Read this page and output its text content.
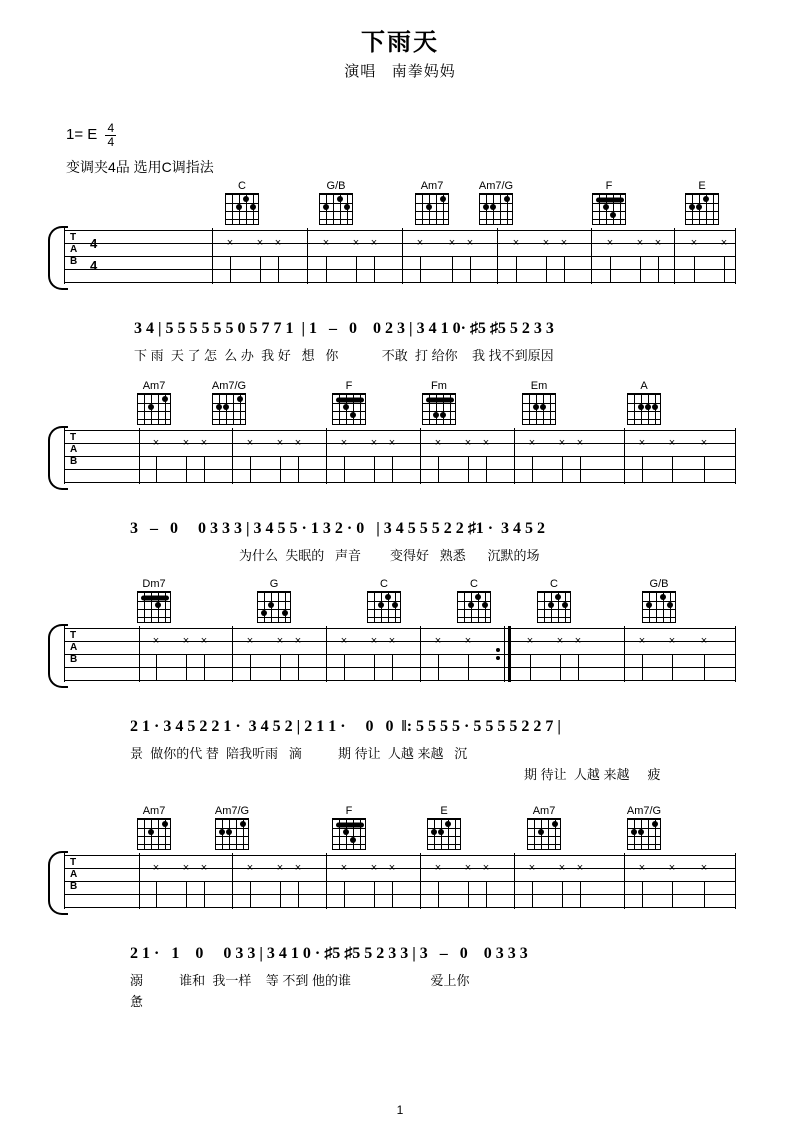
下雨天
演唱 南拳妈妈
1= E $\frac{4}{4}$
变调夹4品 选用C调指法
C	G/B	Am7	Am7/G	F	E
T
A
B
4
4
× × ×	× × ×	× × ×	× × ×	× × ×	× ×
3 4 | 5 5 5 5 5 5 0 5 7 7 1  | 1   –   0    0 2 3 | 3 4 1 0· ♯5 ♯5 5 2 3 3
下 雨  天 了 怎  么 办  我 好   想   你            不敢  打 给你    我 找不到原因
Am7	Am7/G	F	Fm	Em	A
T
A
B
× × ×	× × ×	× × ×	× × ×	× × ×	× × ×
3   –   0     0 3 3 3 | 3 4 5 5 · 1 3 2 · 0   | 3 4 5 5 5 2 2 ♯1 ·  3 4 5 2
为什么  失眠的   声音        变得好   熟悉      沉默的场
Dm7	G	C	C	C	G/B
T
A
B
× × ×	× × ×	× × ×	× ×	× × ×	× × ×
2 1 · 3 4 5 2 2 1 ·  3 4 5 2 | 2 1 1 ·     0   0  ‖: 5 5 5 5 · 5 5 5 5 2 2 7 |
景  做你的代 替  陪我听雨   滴          期 待让  人越 来越   沉
期 待让  人越 来越     疲
Am7	Am7/G	F	E	Am7	Am7/G
T
A
B
× × ×	× × ×	× × ×	× × ×	× × ×	× × ×
2 1 ·   1    0     0 3 3 | 3 4 1 0 · ♯5 ♯5 5 2 3 3 | 3   –   0    0 3 3 3
溺          谁和  我一样    等 不到 他的谁                      爱上你
惫
1
